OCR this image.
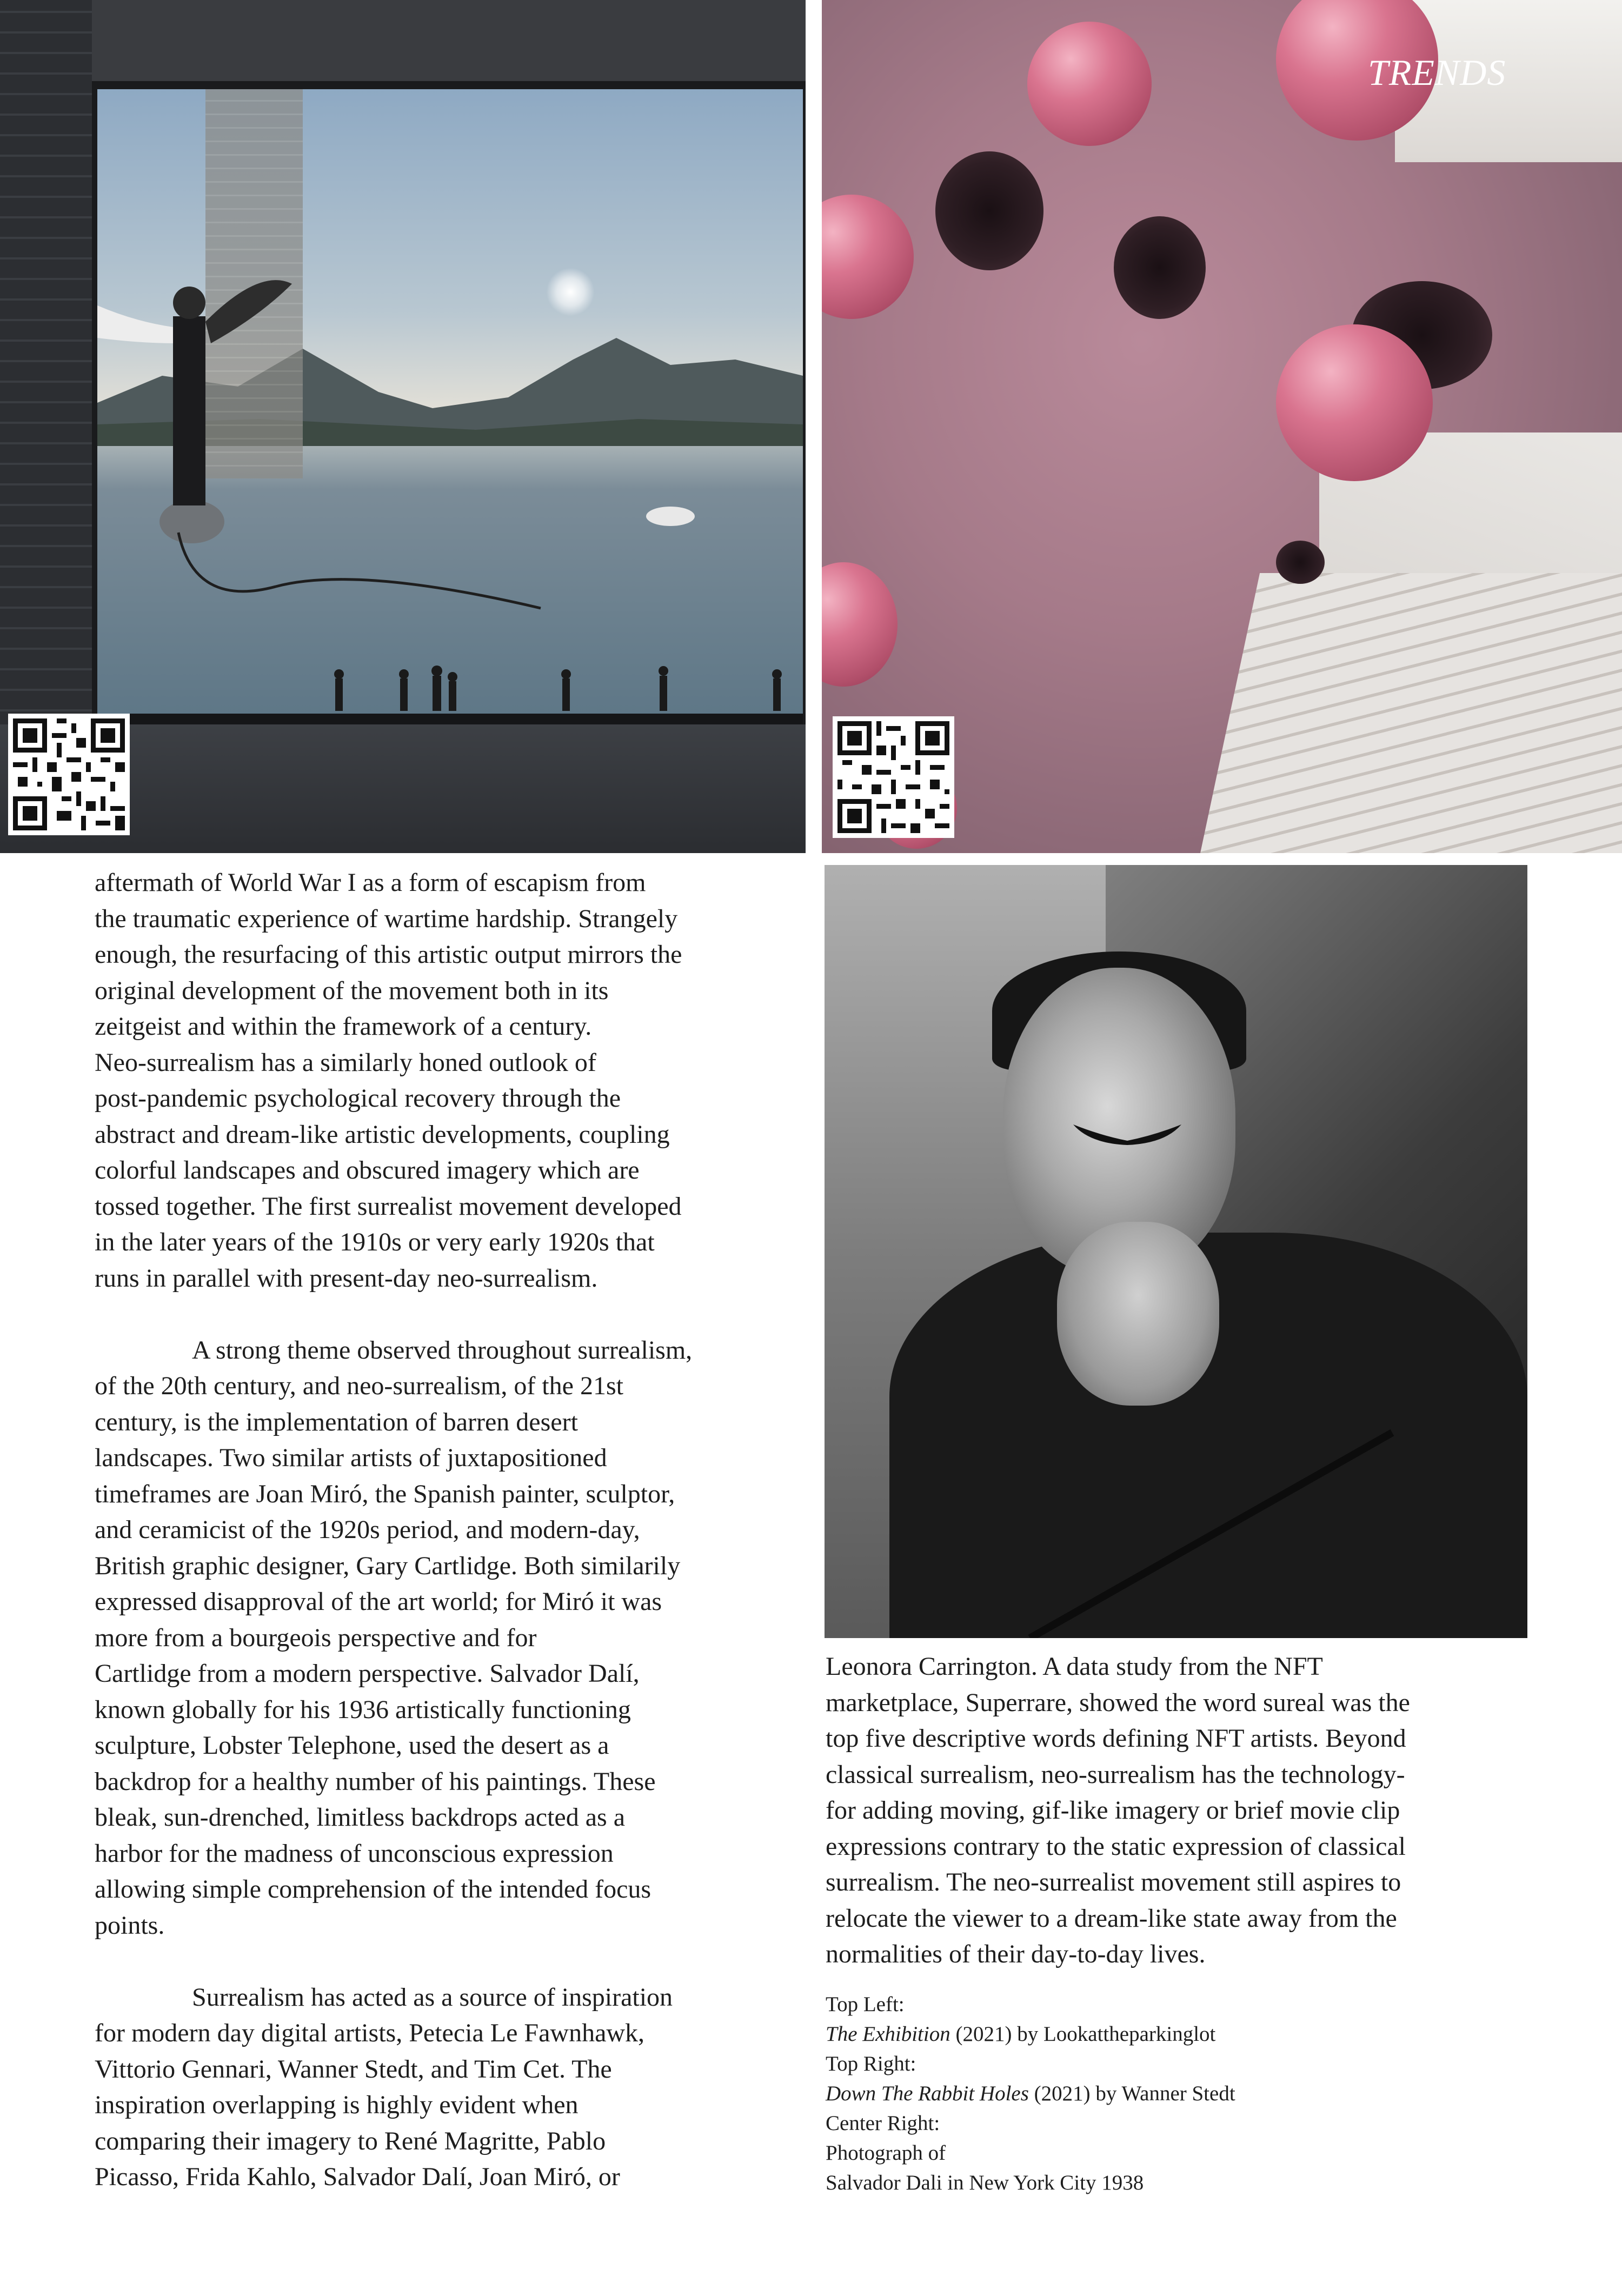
TRENDS

aftermath of World War I as a form of escapism from
the traumatic experience of wartime hardship. Strangely
enough, the resurfacing of this artistic output mirrors the
original development of the movement both in its
zeitgeist and within the framework of a century.
Neo-surrealism has a similarly honed outlook of
post-pandemic psychological recovery through the
abstract and dream-like artistic developments, coupling
colorful landscapes and obscured imagery which are
tossed together. The first surrealist movement developed
in the later years of the 1910s or very early 1920s that
runs in parallel with present-day neo-surrealism.

A strong theme observed throughout surrealism,
of the 20th century, and neo-surrealism, of the 21st
century, is the implementation of barren desert
landscapes. Two similar artists of juxtapositioned
timeframes are Joan Miró, the Spanish painter, sculptor,
and ceramicist of the 1920s period, and modern-day,
British graphic designer, Gary Cartlidge. Both similarily
expressed disapproval of the art world; for Miró it was
more from a bourgeois perspective and for
Cartlidge from a modern perspective. Salvador Dalí,
known globally for his 1936 artistically functioning
sculpture, Lobster Telephone, used the desert as a
backdrop for a healthy number of his paintings. These
bleak, sun-drenched, limitless backdrops acted as a
harbor for the madness of unconscious expression
allowing simple comprehension of the intended focus
points.

Surrealism has acted as a source of inspiration
for modern day digital artists, Petecia Le Fawnhawk,
Vittorio Gennari, Wanner Stedt, and Tim Cet. The
inspiration overlapping is highly evident when
comparing their imagery to René Magritte, Pablo
Picasso, Frida Kahlo, Salvador Dalí, Joan Miró, or

Leonora Carrington. A data study from the NFT
marketplace, Superrare, showed the word sureal was the
top five descriptive words defining NFT artists. Beyond
classical surrealism, neo-surrealism has the technology-
for adding moving, gif-like imagery or brief movie clip
expressions contrary to the static expression of classical
surrealism. The neo-surrealist movement still aspires to
relocate the viewer to a dream-like state away from the
normalities of their day-to-day lives.
Top Left:
The Exhibition (2021) by Lookattheparkinglot
Top Right:
Down The Rabbit Holes (2021) by Wanner Stedt
Center Right:
Photograph of
Salvador Dali in New York City 1938
